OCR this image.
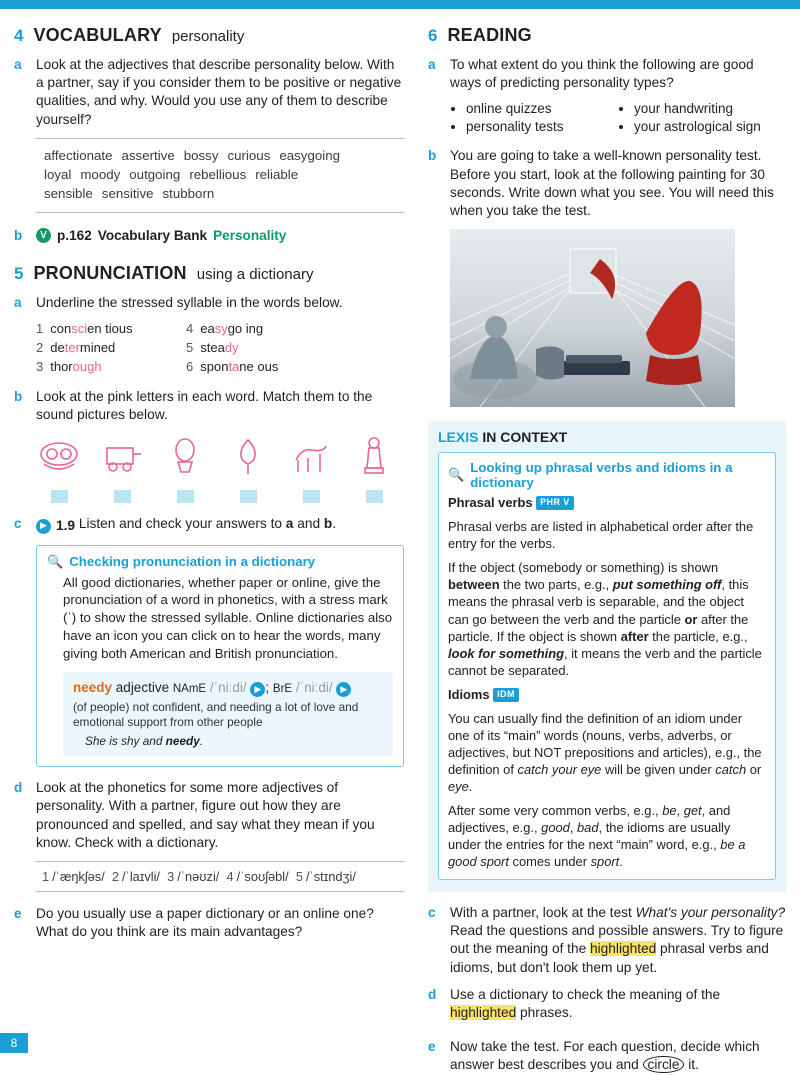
4 VOCABULARY personality
a Look at the adjectives that describe personality below. With a partner, say if you consider them to be positive or negative qualities, and why. Would you use any of them to describe yourself?
affectionate assertive bossy curious easygoing
loyal moody outgoing rebellious reliable
sensible sensitive stubborn
b	V p.162 Vocabulary Bank Personality
5 PRONUNCIATION using a dictionary
a Underline the stressed syllable in the words below.
1 conscien tious
2 determined
3 thorough
4 easygo ing
5 steady
6 spontane ous
b Look at the pink letters in each word. Match them to the sound pictures below.
c	▶ 1.9 Listen and check your answers to a and b.
🔍 Checking pronunciation in a dictionary
All good dictionaries, whether paper or online, give the pronunciation of a word in phonetics, with a stress mark (ˈ) to show the stressed syllable. Online dictionaries also have an icon you can click on to hear the words, many giving both American and British pronunciation.
needy adjective NAmE /ˈniːdi/ ▶ ; BrE /ˈniːdi/ ▶
(of people) not confident, and needing a lot of love and emotional support from other people
She is shy and needy.
d Look at the phonetics for some more adjectives of personality. With a partner, figure out how they are pronounced and spelled, and say what they mean if you know. Check with a dictionary.
1 /ˈæŋkʃəs/ 2 /ˈlaɪvli/ 3 /ˈnəʊzi/ 4 /ˈsoʊʃəbl/ 5 /ˈstɪndʒi/
e Do you usually use a paper dictionary or an online one? What do you think are its main advantages?
6 READING
a To what extent do you think the following are good ways of predicting personality types?
• online quizzes
• personality tests
• your handwriting
• your astrological sign
b You are going to take a well-known personality test. Before you start, look at the following painting for 30 seconds. Write down what you see. You will need this when you take the test.
LEXIS IN CONTEXT
🔍 Looking up phrasal verbs and idioms in a dictionary

Phrasal verbs PHR V

Phrasal verbs are listed in alphabetical order after the entry for the verbs.

If the object (somebody or something) is shown between the two parts, e.g., put something off, this means the phrasal verb is separable, and the object can go between the verb and the particle or after the particle. If the object is shown after the particle, e.g., look for something, it means the verb and the particle cannot be separated.

Idioms IDM

You can usually find the definition of an idiom under one of its “main” words (nouns, verbs, adverbs, or adjectives, but NOT prepositions and articles), e.g., the definition of catch your eye will be given under catch or eye.

After some very common verbs, e.g., be, get, and adjectives, e.g., good, bad, the idioms are usually under the entries for the next “main” word, e.g., be a good sport comes under sport.

c With a partner, look at the test What's your personality? Read the questions and possible answers. Try to figure out the meaning of the highlighted phrasal verbs and idioms, but don't look them up yet.
d Use a dictionary to check the meaning of the highlighted phrases.
e Now take the test. For each question, decide which answer best describes you and circle it.
8
